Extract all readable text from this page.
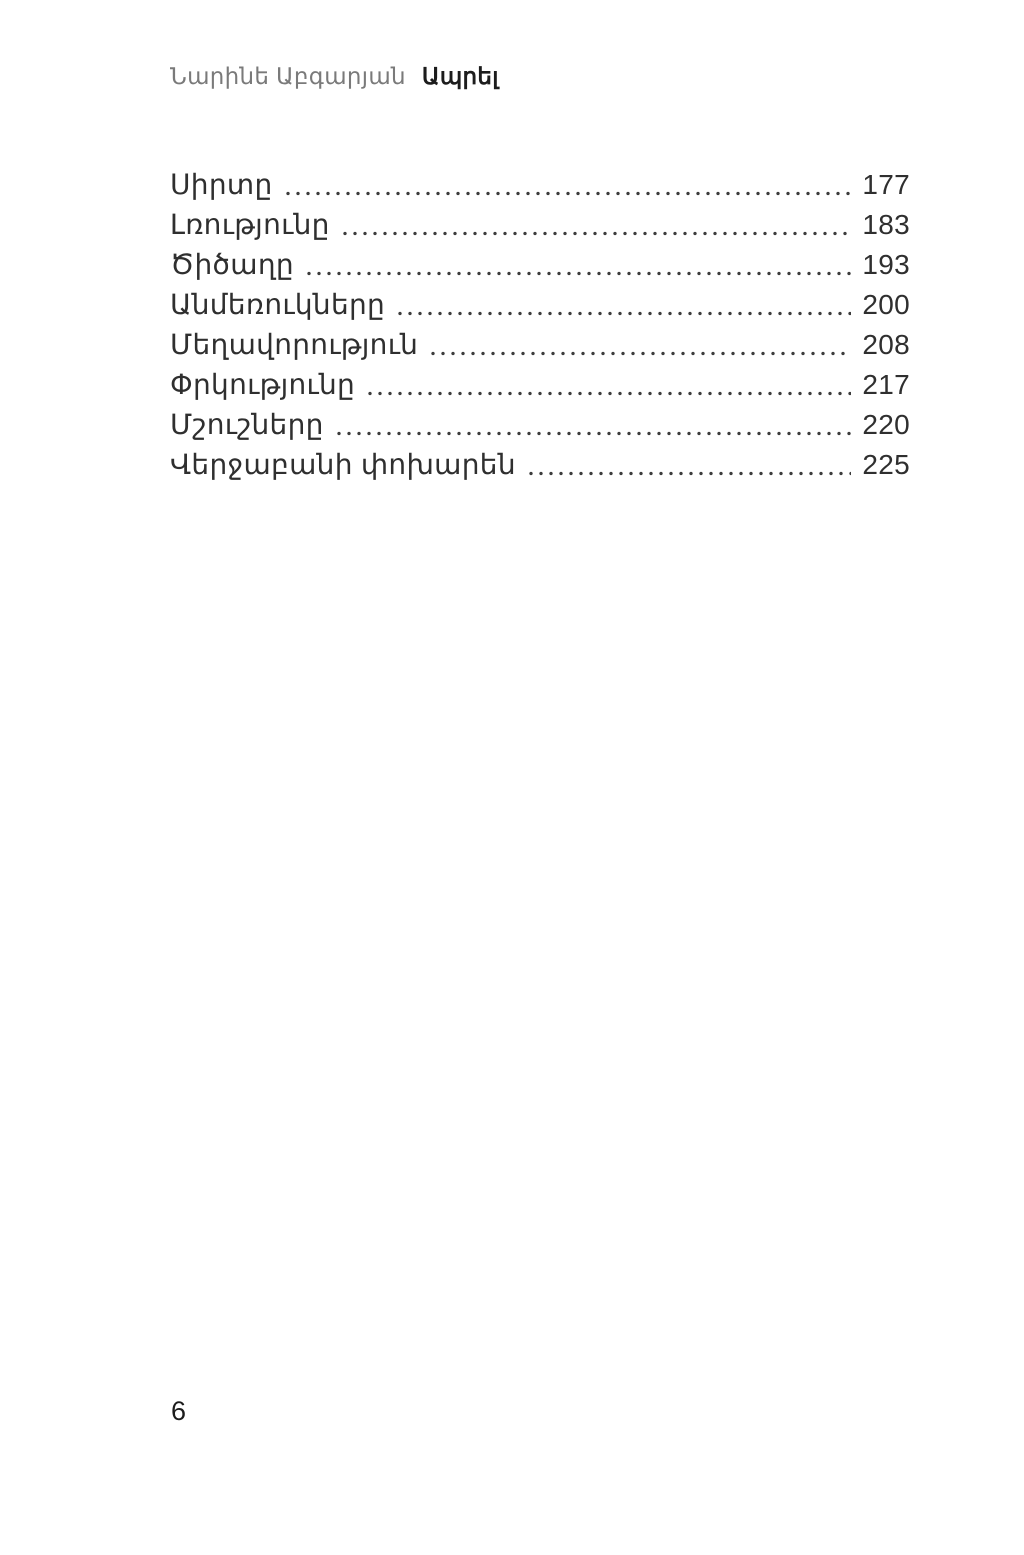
Նարինե Աբգարյան Ապրել
Սիրտը	177
Լռությունը	183
Ծիծաղը	193
Անմեռուկները	200
Մեղավորություն	208
Փրկությունը	217
Մշուշները	220
Վերջաբանի փոխարեն	225
6
